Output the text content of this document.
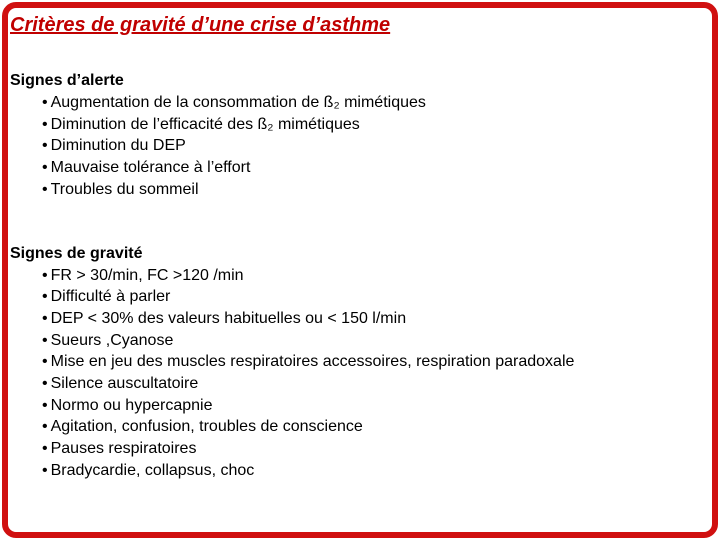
Critères de gravité d’une crise d’asthme
Signes d’alerte
• Augmentation de la consommation de ß₂ mimétiques
• Diminution de l’efficacité des ß₂ mimétiques
• Diminution du DEP
• Mauvaise tolérance à l’effort
• Troubles du sommeil
Signes de gravité
• FR > 30/min, FC >120 /min
• Difficulté à parler
• DEP < 30% des valeurs habituelles ou < 150 l/min
• Sueurs ,Cyanose
• Mise en jeu des muscles respiratoires accessoires, respiration paradoxale
• Silence auscultatoire
• Normo ou hypercapnie
• Agitation, confusion, troubles de conscience
• Pauses respiratoires
• Bradycardie, collapsus, choc
